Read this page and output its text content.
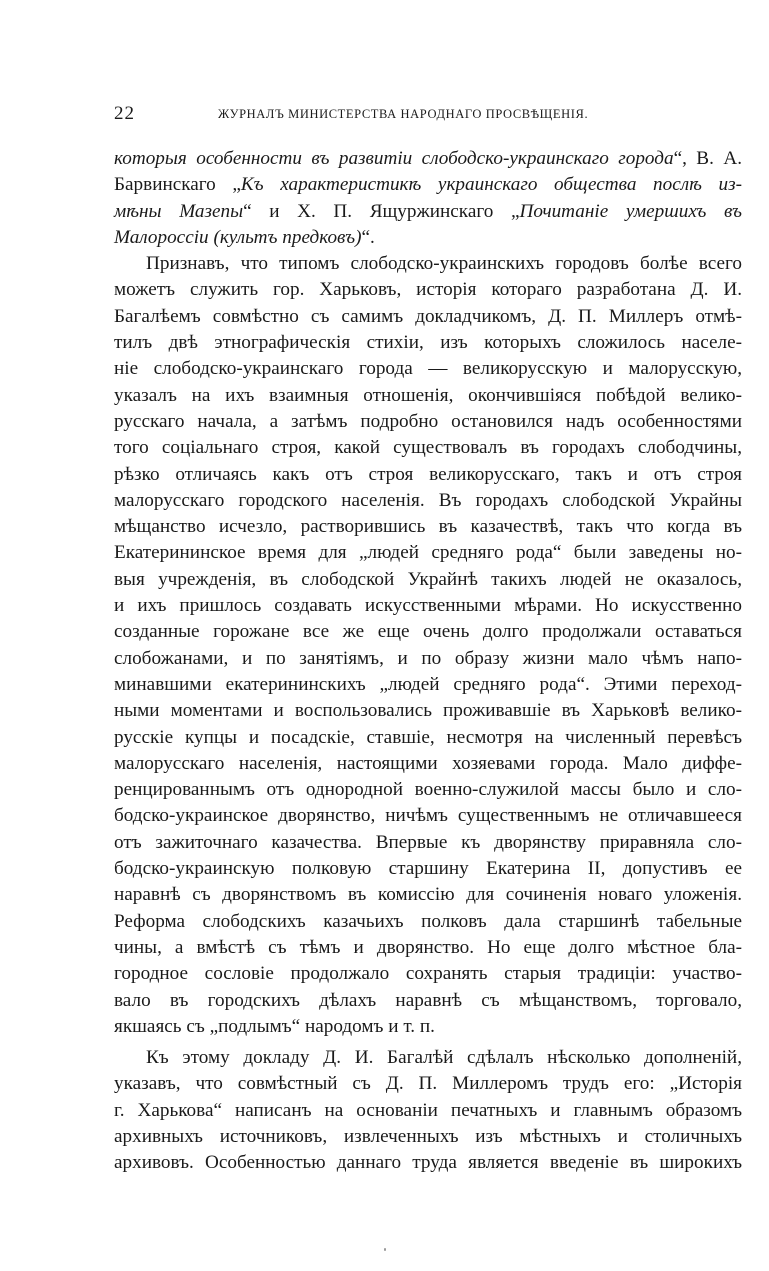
22	ЖУРНАЛЪ МИНИСТЕРСТВА НАРОДНАГО ПРОСВѢЩЕНІЯ.
которыя особенности въ развитіи слободско-украинскаго города“, В. А.
Барвинскаго „Къ характеристикѣ украинскаго общества послѣ из-
мѣны Мазепы“ и Х. П. Ящуржинскаго „Почитаніе умершихъ въ
Малороссіи (культъ предковъ)“.
Признавъ, что типомъ слободско-украинскихъ городовъ болѣе всего
можетъ служить гор. Харьковъ, исторія котораго разработана Д. И.
Багалѣемъ совмѣстно съ самимъ докладчикомъ, Д. П. Миллеръ отмѣ-
тилъ двѣ этнографическія стихіи, изъ которыхъ сложилось населе-
ніе слободско-украинскаго города — великорусскую и малорусскую,
указалъ на ихъ взаимныя отношенія, окончившіяся побѣдой велико-
русскаго начала, а затѣмъ подробно остановился надъ особенностями
того соціальнаго строя, какой существовалъ въ городахъ слободчины,
рѣзко отличаясь какъ отъ строя великорусскаго, такъ и отъ строя
малорусскаго городского населенія. Въ городахъ слободской Украйны
мѣщанство исчезло, растворившись въ казачествѣ, такъ что когда въ
Екатерининское время для „людей средняго рода“ были заведены но-
выя учрежденія, въ слободской Украйнѣ такихъ людей не оказалось,
и ихъ пришлось создавать искусственными мѣрами. Но искусственно
созданные горожане все же еще очень долго продолжали оставаться
слобожанами, и по занятіямъ, и по образу жизни мало чѣмъ напо-
минавшими екатерининскихъ „людей средняго рода“. Этими переход-
ными моментами и воспользовались проживавшіе въ Харьковѣ велико-
русскіе купцы и посадскіе, ставшіе, несмотря на численный перевѣсъ
малорусскаго населенія, настоящими хозяевами города. Мало диффе-
ренцированнымъ отъ однородной военно-служилой массы было и сло-
бодско-украинское дворянство, ничѣмъ существеннымъ не отличавшееся
отъ зажиточнаго казачества. Впервые къ дворянству приравняла сло-
бодско-украинскую полковую старшину Екатерина II, допустивъ ее
наравнѣ съ дворянствомъ въ комиссію для сочиненія новаго уложенія.
Реформа слободскихъ казачьихъ полковъ дала старшинѣ табельные
чины, а вмѣстѣ съ тѣмъ и дворянство. Но еще долго мѣстное бла-
городное сословіе продолжало сохранять старыя традиціи: участво-
вало въ городскихъ дѣлахъ наравнѣ съ мѣщанствомъ, торговало,
якшаясь съ „подлымъ“ народомъ и т. п.
Къ этому докладу Д. И. Багалѣй сдѣлалъ нѣсколько дополненій,
указавъ, что совмѣстный съ Д. П. Миллеромъ трудъ его: „Исторія
г. Харькова“ написанъ на основаніи печатныхъ и главнымъ образомъ
архивныхъ источниковъ, извлеченныхъ изъ мѣстныхъ и столичныхъ
архивовъ. Особенностью даннаго труда является введеніе въ широкихъ
